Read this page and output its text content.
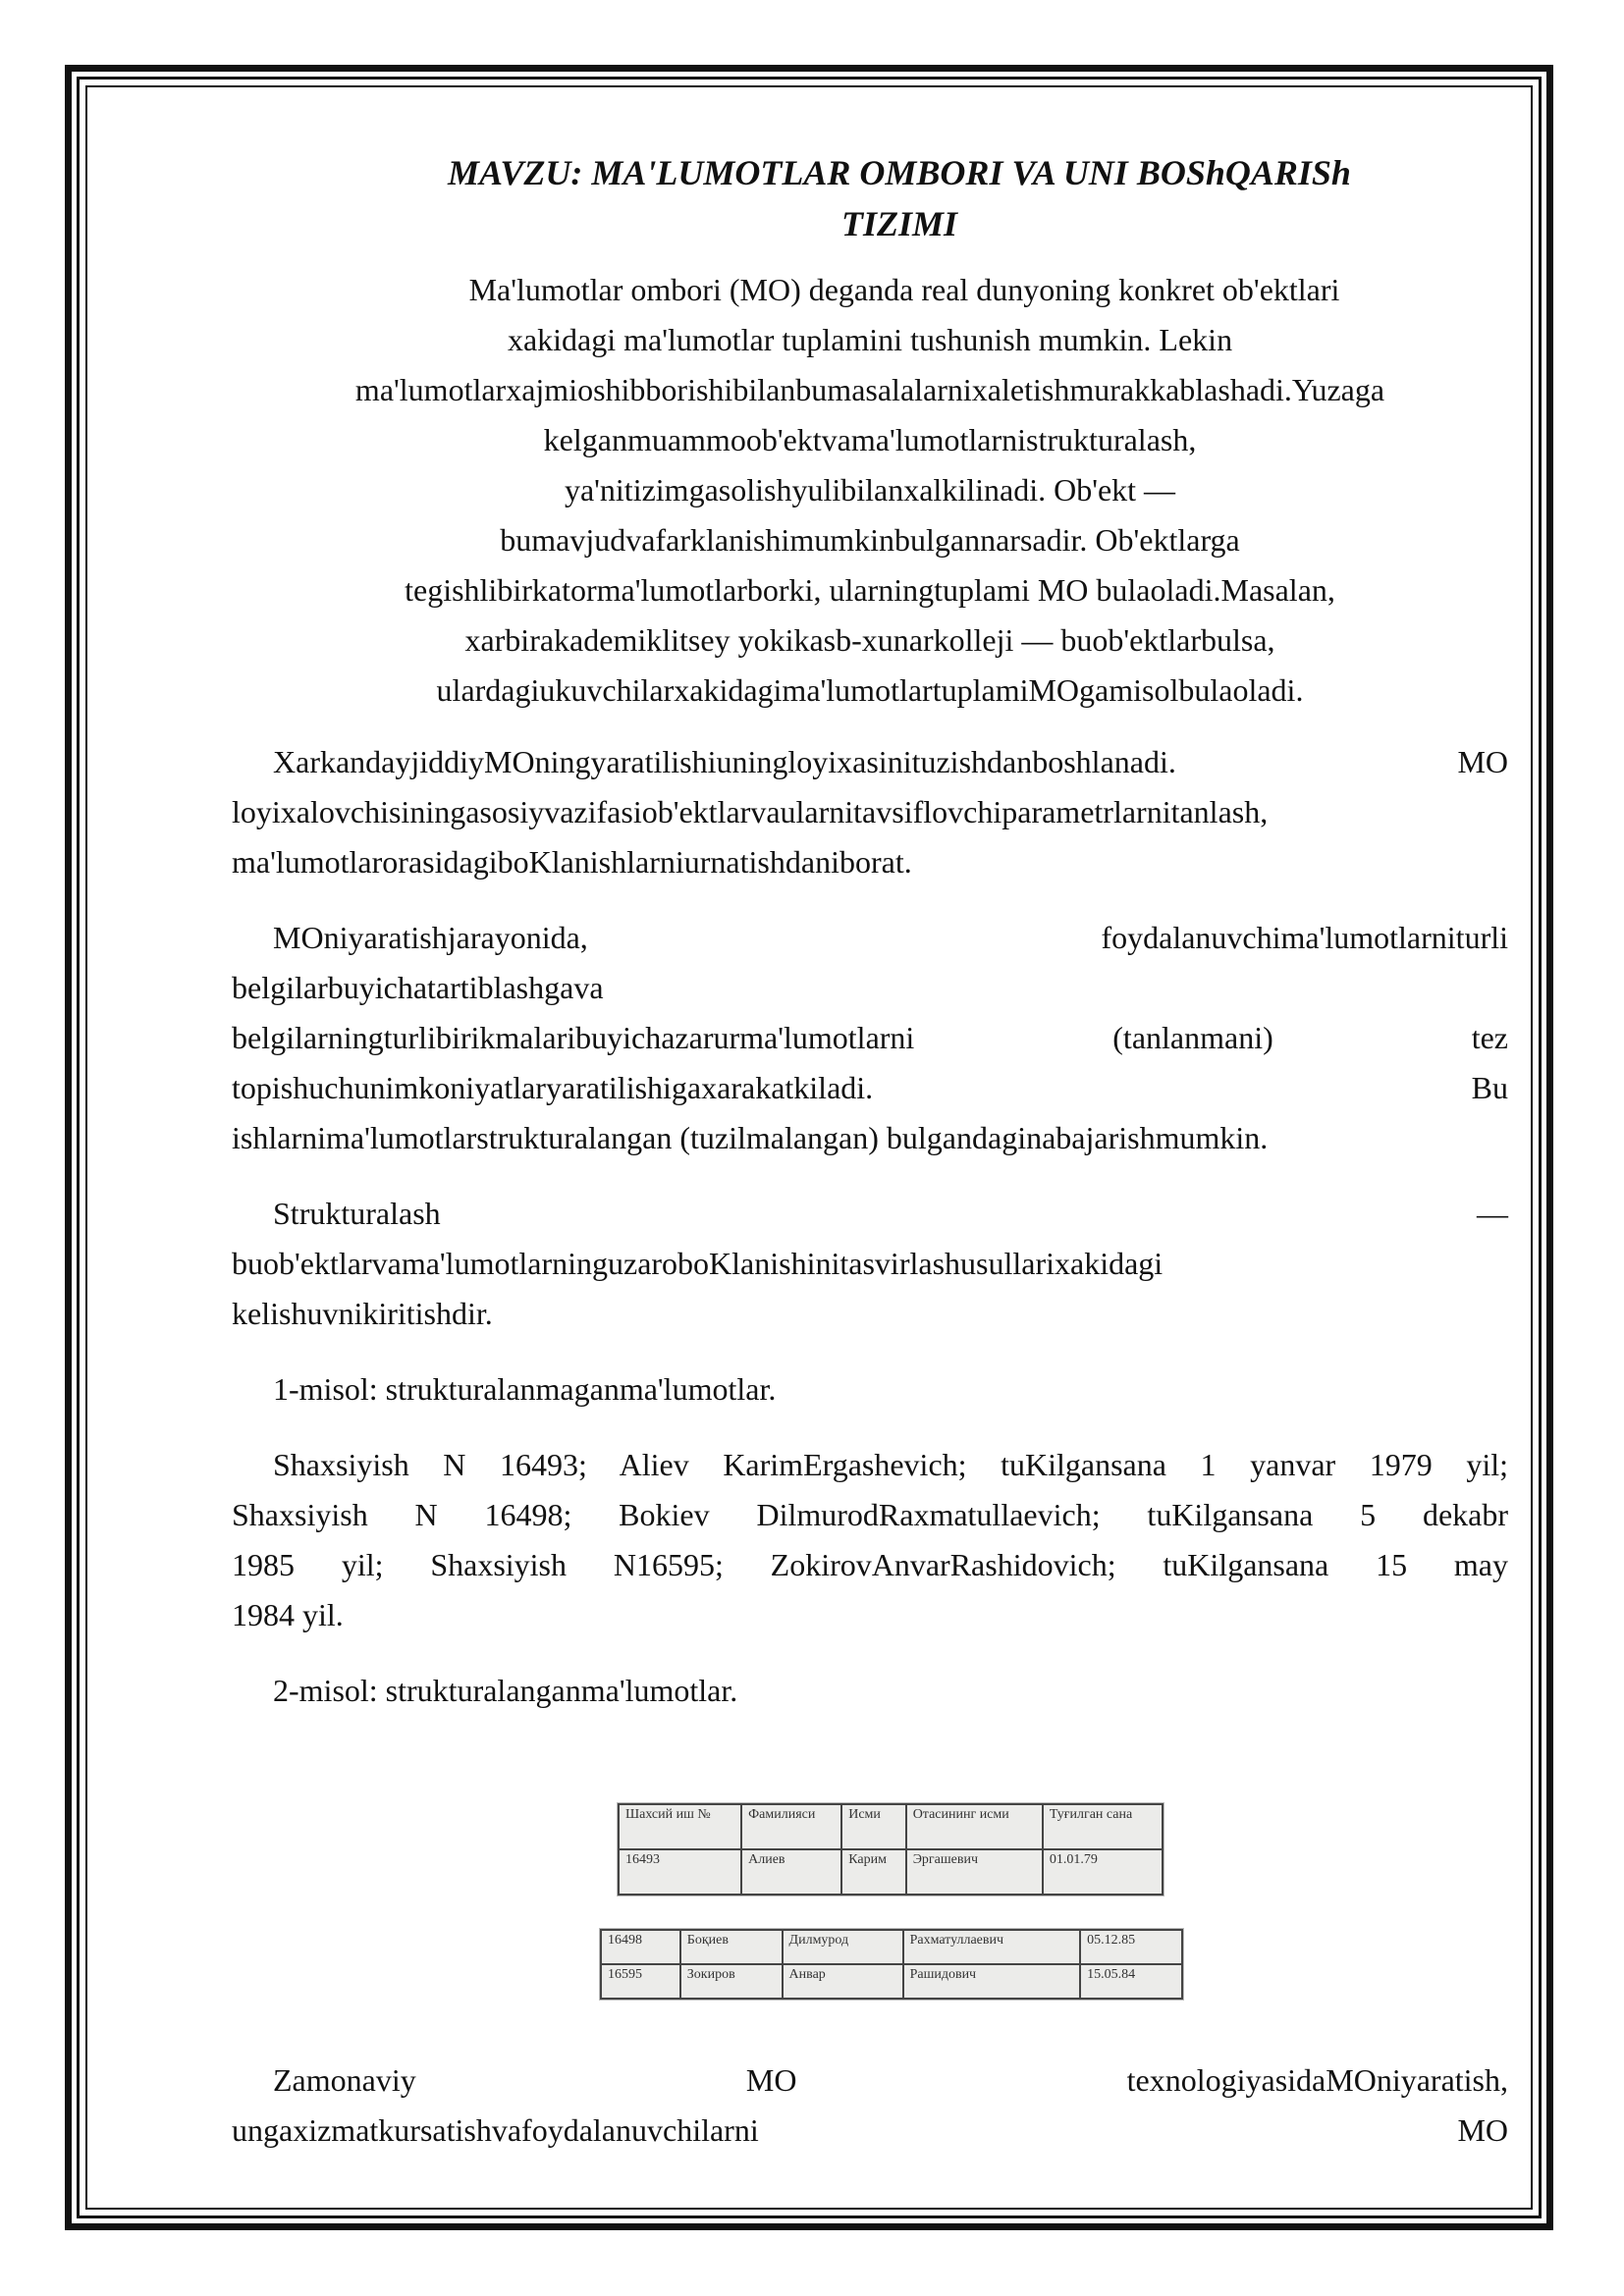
MAVZU: MA'LUMOTLAR OMBORI VA UNI BOShQARISh
TIZIMI
Ma'lumotlar ombori (MO) deganda real dunyoning konkret ob'ektlari
xakidagi ma'lumotlar tuplamini tushunish mumkin. Lekin
ma'lumotlarxajmioshibborishibilanbumasalalarnixaletishmurakkablashadi.Yuzaga
kelganmuammoob'ektvama'lumotlarnistrukturalash,
ya'nitizimgasolishyulibilanxalkilinadi. Ob'ekt —
bumavjudvafarklanishimumkinbulgannarsadir. Ob'ektlarga
tegishlibirkatorma'lumotlarborki, ularningtuplami MO bulaoladi.Masalan,
xarbirakademiklitsey yokikasb-xunarkolleji — buob'ektlarbulsa,
ulardagiukuvchilarxakidagima'lumotlartuplamiMOgamisolbulaoladi.
XarkandayjiddiyMOningyaratilishiuningloyixasinituzishdanboshlanadi. MO
loyixalovchisiningasosiyvazifasiob'ektlarvaularnitavsiflovchiparametrlarnitanlash,
ma'lumotlarorasidagiboKlanishlarniurnatishdaniborat.
MOniyaratishjarayonida, foydalanuvchima'lumotlarniturli
belgilarbuyichatartiblashgava
belgilarningturlibirikmalaribuyichazarurma'lumotlarni (tanlanmani) tez
topishuchunimkoniyatlaryaratilishigaxarakatkiladi. Bu
ishlarnima'lumotlarstrukturalangan (tuzilmalangan) bulgandaginabajarishmumkin.
Strukturalash —
buob'ektlarvama'lumotlarninguzaroboKlanishinitasvirlashusullarixakidagi
kelishuvnikiritishdir.
1-misol: strukturalanmaganma'lumotlar.
Shaxsiyish N 16493; Aliev KarimErgashevich; tuKilgansana 1 yanvar 1979 yil;
Shaxsiyish N 16498; Bokiev DilmurodRaxmatullaevich; tuKilgansana 5 dekabr
1985 yil; Shaxsiyish N16595; ZokirovAnvarRashidovich; tuKilgansana 15 may
1984 yil.
2-misol: strukturalanganma'lumotlar.
Шахсий иш №	Фамилияси	Исми	Отасининг исми	Туғилган сана
16493	Алиев	Карим	Эргашевич	01.01.79
16498	Боқиев	Дилмурод	Рахматуллаевич	05.12.85
16595	Зокиров	Анвар	Рашидович	15.05.84
Zamonaviy MO texnologiyasidaMOniyaratish,
ungaxizmatkursatishvafoydalanuvchilarni MO
